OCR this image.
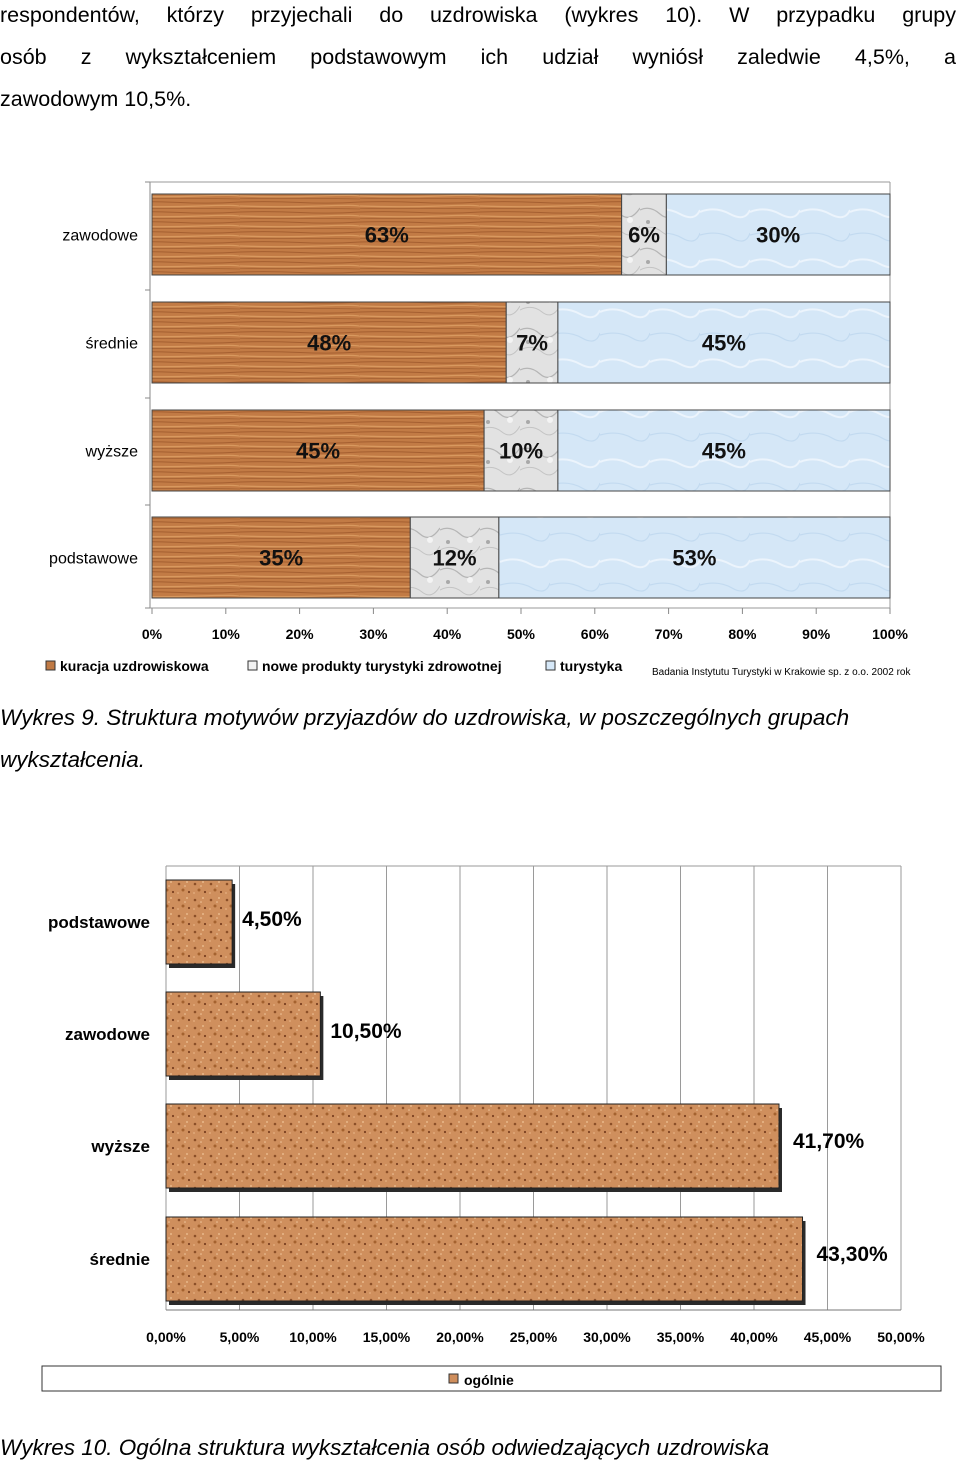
respondentów, którzy przyjechali do uzdrowiska (wykres 10). W przypadku grupy
osób z wykształceniem podstawowym ich udział wyniósł zaledwie 4,5%, a
zawodowym 10,5%.
zawodowe	63%	6%	30%
średnie	48%	7%	45%
wyższe	45%	10%	45%
podstawowe	35%	12%	53%
0%	10%	20%	30%	40%	50%	60%	70%	80%	90%	100%
kuracja uzdrowiskowa	nowe produkty turystyki zdrowotnej	turystyka	Badania Instytutu Turystyki w Krakowie sp. z o.o. 2002 rok
Wykres 9. Struktura motywów przyjazdów do uzdrowiska, w poszczególnych grupach
wykształcenia.
podstawowe	4,50%
zawodowe	10,50%
wyższe	41,70%
średnie	43,30%
0,00% 5,00% 10,00% 15,00% 20,00% 25,00% 30,00% 35,00% 40,00% 45,00% 50,00%
ogólnie
Wykres 10. Ogólna struktura wykształcenia osób odwiedzających uzdrowiska
